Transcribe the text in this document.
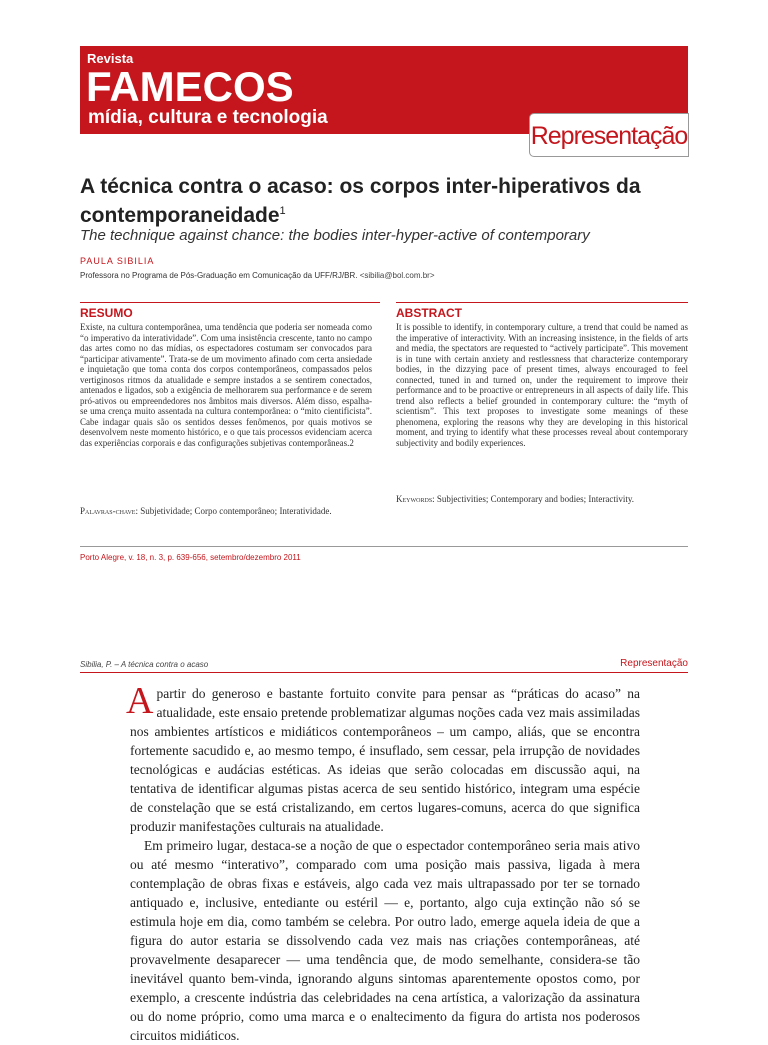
Revista
FAMECOS
mídia, cultura e tecnologia
Representação
A técnica contra o acaso: os corpos inter-hiperativos da contemporaneidade$^1$
The technique against chance: the bodies inter-hyper-active of contemporary
PAULA SIBILIA
Professora no Programa de Pós-Graduação em Comunicação da UFF/RJ/BR. <sibilia@bol.com.br>
RESUMO
Existe, na cultura contemporânea, uma tendência que poderia ser nomeada como “o imperativo da interatividade”. Com uma insistência crescente, tanto no campo das artes como no das mídias, os espectadores costumam ser convocados para “participar ativamente”. Trata-se de um movimento afinado com certa ansiedade e inquietação que toma conta dos corpos contemporâneos, compassados pelos vertiginosos ritmos da atualidade e sempre instados a se sentirem conectados, antenados e ligados, sob a exigência de melhorarem sua performance e de serem pró-ativos ou empreendedores nos âmbitos mais diversos. Além disso, espalha-se uma crença muito assentada na cultura contemporânea: o “mito cientificista”. Cabe indagar quais são os sentidos desses fenômenos, por quais motivos se desenvolvem neste momento histórico, e o que tais processos evidenciam acerca das experiências corporais e das configurações subjetivas contemporâneas.2
Palavras-chave: Subjetividade; Corpo contemporâneo; Interatividade.
ABSTRACT
It is possible to identify, in contemporary culture, a trend that could be named as the imperative of interactivity. With an increasing insistence, in the fields of arts and media, the spectators are requested to “actively participate”. This movement is in tune with certain anxiety and restlessness that characterize contemporary bodies, in the dizzying pace of present times, always encouraged to feel connected, tuned in and turned on, under the requirement to improve their performance and to be proactive or entrepreneurs in all aspects of daily life. This trend also reflects a belief grounded in contemporary culture: the “myth of scientism”. This text proposes to investigate some meanings of these phenomena, exploring the reasons why they are developing in this historical moment, and trying to identify what these processes reveal about contemporary subjectivity and bodily experiences.
Keywords: Subjectivities; Contemporary and bodies; Interactivity.
Porto Alegre, v. 18, n. 3, p. 639-656, setembro/dezembro 2011
Sibilia, P. – A técnica contra o acaso	Representação

Apartir do generoso e bastante fortuito convite para pensar as “práticas do acaso” na atualidade, este ensaio pretende problematizar algumas noções cada vez mais assimiladas nos ambientes artísticos e midiáticos contemporâneos – um campo, aliás, que se encontra fortemente sacudido e, ao mesmo tempo, é insuflado, sem cessar, pela irrupção de novidades tecnológicas e audácias estéticas. As ideias que serão colocadas em discussão aqui, na tentativa de identificar algumas pistas acerca de seu sentido histórico, integram uma espécie de constelação que se está cristalizando, em certos lugares-comuns, acerca do que significa produzir manifestações culturais na atualidade.

Em primeiro lugar, destaca-se a noção de que o espectador contemporâneo seria mais ativo ou até mesmo “interativo”, comparado com uma posição mais passiva, ligada à mera contemplação de obras fixas e estáveis, algo cada vez mais ultrapassado por ter se tornado antiquado e, inclusive, entediante ou estéril — e, portanto, algo cuja extinção não só se estimula hoje em dia, como também se celebra. Por outro lado, emerge aquela ideia de que a figura do autor estaria se dissolvendo cada vez mais nas criações contemporâneas, até provavelmente desaparecer — uma tendência que, de modo semelhante, considera-se tão inevitável quanto bem-vinda, ignorando alguns sintomas aparentemente opostos como, por exemplo, a crescente indústria das celebridades na cena artística, a valorização da assinatura ou do nome próprio, como uma marca e o enaltecimento da figura do artista nos poderosos circuitos midiáticos.
